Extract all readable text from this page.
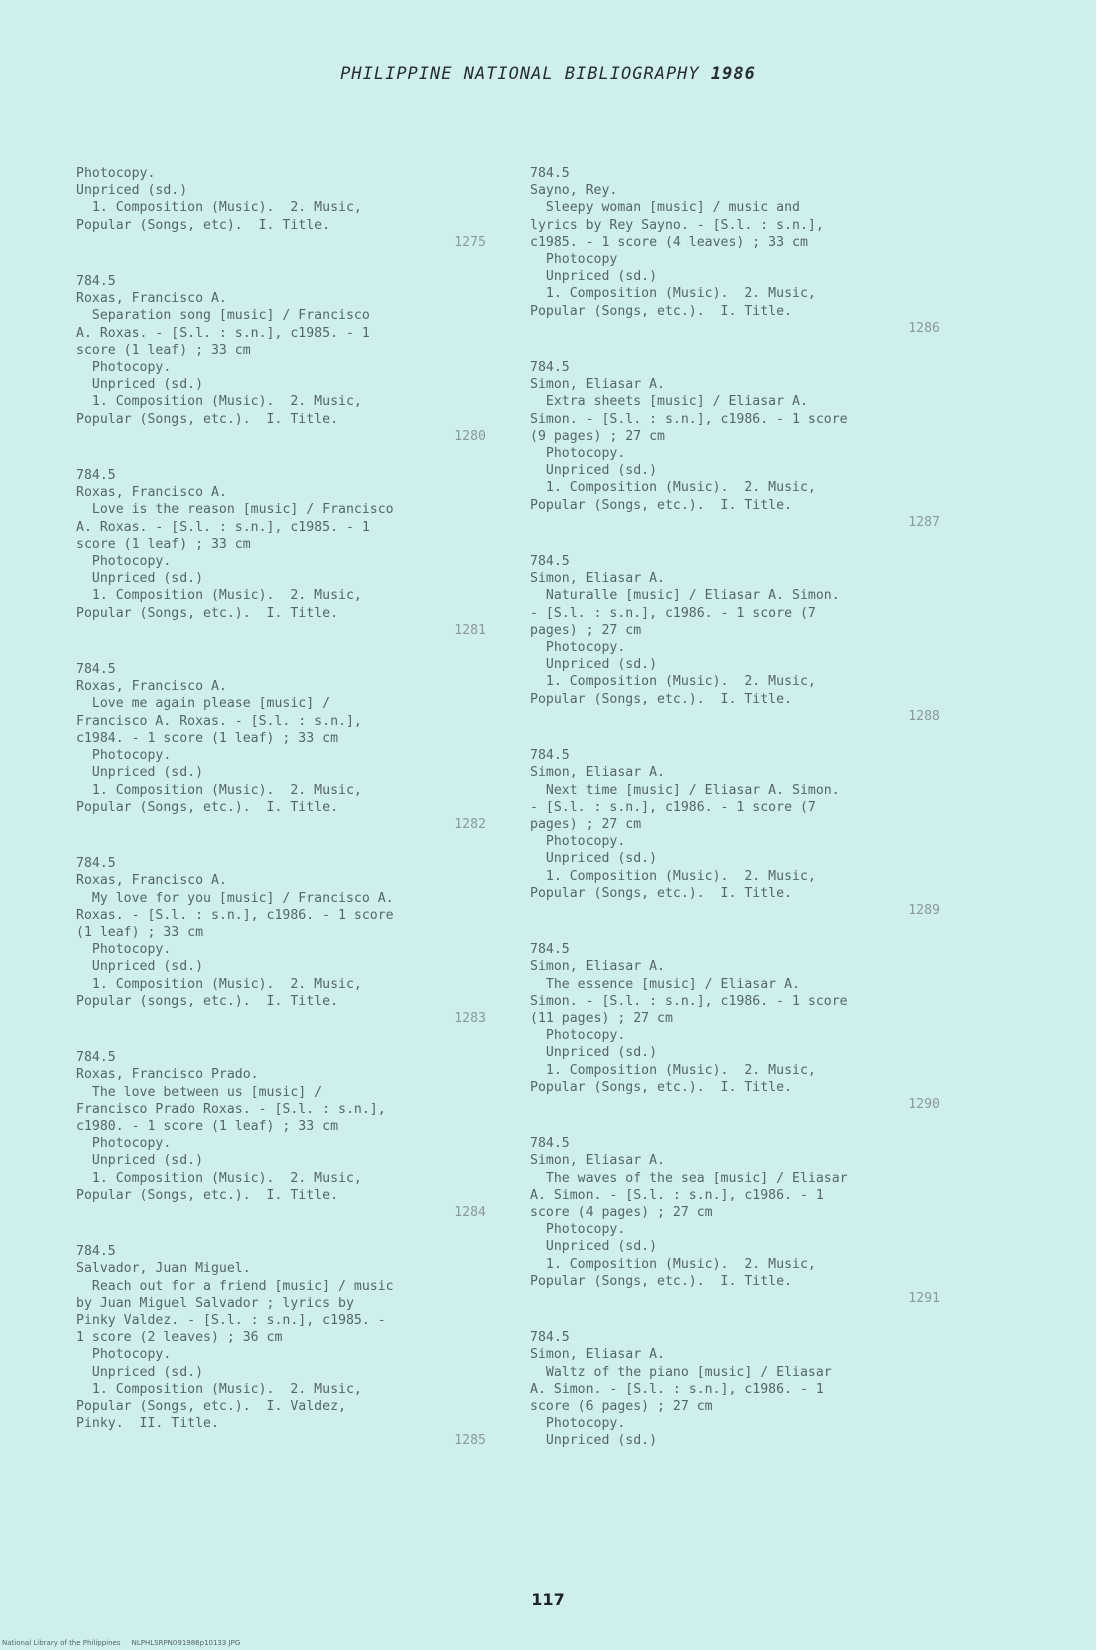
PHILIPPINE NATIONAL BIBLIOGRAPHY 1986
Photocopy.
Unpriced (sd.)
1. Composition (Music).  2. Music,
Popular (Songs, etc).  I. Title.
1275
784.5
Roxas, Francisco A.
Separation song [music] / Francisco
A. Roxas. - [S.l. : s.n.], c1985. - 1
score (1 leaf) ; 33 cm
Photocopy.
Unpriced (sd.)
1. Composition (Music).  2. Music,
Popular (Songs, etc.).  I. Title.
1280
784.5
Roxas, Francisco A.
Love is the reason [music] / Francisco
A. Roxas. - [S.l. : s.n.], c1985. - 1
score (1 leaf) ; 33 cm
Photocopy.
Unpriced (sd.)
1. Composition (Music).  2. Music,
Popular (Songs, etc.).  I. Title.
1281
784.5
Roxas, Francisco A.
Love me again please [music] /
Francisco A. Roxas. - [S.l. : s.n.],
c1984. - 1 score (1 leaf) ; 33 cm
Photocopy.
Unpriced (sd.)
1. Composition (Music).  2. Music,
Popular (Songs, etc.).  I. Title.
1282
784.5
Roxas, Francisco A.
My love for you [music] / Francisco A.
Roxas. - [S.l. : s.n.], c1986. - 1 score
(1 leaf) ; 33 cm
Photocopy.
Unpriced (sd.)
1. Composition (Music).  2. Music,
Popular (songs, etc.).  I. Title.
1283
784.5
Roxas, Francisco Prado.
The love between us [music] /
Francisco Prado Roxas. - [S.l. : s.n.],
c1980. - 1 score (1 leaf) ; 33 cm
Photocopy.
Unpriced (sd.)
1. Composition (Music).  2. Music,
Popular (Songs, etc.).  I. Title.
1284
784.5
Salvador, Juan Miguel.
Reach out for a friend [music] / music
by Juan Miguel Salvador ; lyrics by
Pinky Valdez. - [S.l. : s.n.], c1985. -
1 score (2 leaves) ; 36 cm
Photocopy.
Unpriced (sd.)
1. Composition (Music).  2. Music,
Popular (Songs, etc.).  I. Valdez,
Pinky.  II. Title.
1285
784.5
Sayno, Rey.
Sleepy woman [music] / music and
lyrics by Rey Sayno. - [S.l. : s.n.],
c1985. - 1 score (4 leaves) ; 33 cm
Photocopy
Unpriced (sd.)
1. Composition (Music).  2. Music,
Popular (Songs, etc.).  I. Title.
1286
784.5
Simon, Eliasar A.
Extra sheets [music] / Eliasar A.
Simon. - [S.l. : s.n.], c1986. - 1 score
(9 pages) ; 27 cm
Photocopy.
Unpriced (sd.)
1. Composition (Music).  2. Music,
Popular (Songs, etc.).  I. Title.
1287
784.5
Simon, Eliasar A.
Naturalle [music] / Eliasar A. Simon.
- [S.l. : s.n.], c1986. - 1 score (7
pages) ; 27 cm
Photocopy.
Unpriced (sd.)
1. Composition (Music).  2. Music,
Popular (Songs, etc.).  I. Title.
1288
784.5
Simon, Eliasar A.
Next time [music] / Eliasar A. Simon.
- [S.l. : s.n.], c1986. - 1 score (7
pages) ; 27 cm
Photocopy.
Unpriced (sd.)
1. Composition (Music).  2. Music,
Popular (Songs, etc.).  I. Title.
1289
784.5
Simon, Eliasar A.
The essence [music] / Eliasar A.
Simon. - [S.l. : s.n.], c1986. - 1 score
(11 pages) ; 27 cm
Photocopy.
Unpriced (sd.)
1. Composition (Music).  2. Music,
Popular (Songs, etc.).  I. Title.
1290
784.5
Simon, Eliasar A.
The waves of the sea [music] / Eliasar
A. Simon. - [S.l. : s.n.], c1986. - 1
score (4 pages) ; 27 cm
Photocopy.
Unpriced (sd.)
1. Composition (Music).  2. Music,
Popular (Songs, etc.).  I. Title.
1291
784.5
Simon, Eliasar A.
Waltz of the piano [music] / Eliasar
A. Simon. - [S.l. : s.n.], c1986. - 1
score (6 pages) ; 27 cm
Photocopy.
Unpriced (sd.)
117
National Library of the Philippines     NLPHLSRPN091986p10133 JPG
